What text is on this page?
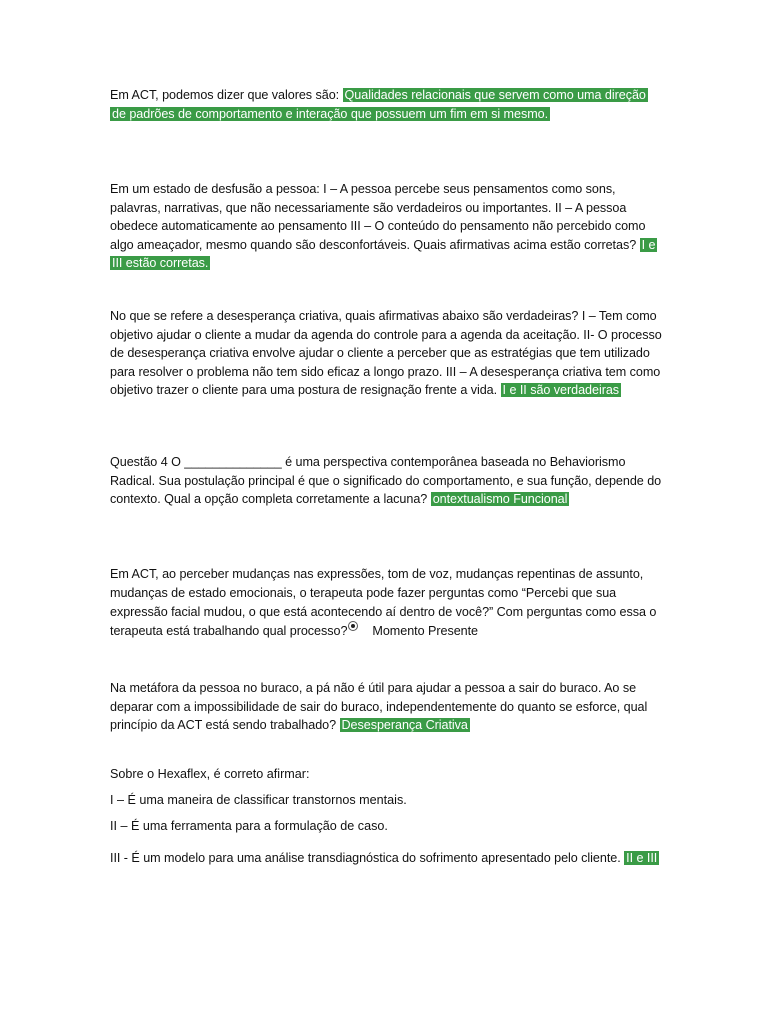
Em ACT, podemos dizer que valores são: Qualidades relacionais que servem como uma direção de padrões de comportamento e interação que possuem um fim em si mesmo.
Em um estado de desfusão a pessoa: I – A pessoa percebe seus pensamentos como sons, palavras, narrativas, que não necessariamente são verdadeiros ou importantes. II – A pessoa obedece automaticamente ao pensamento III – O conteúdo do pensamento não percebido como algo ameaçador, mesmo quando são desconfortáveis. Quais afirmativas acima estão corretas? I e III estão corretas.
No que se refere a desesperança criativa, quais afirmativas abaixo são verdadeiras? I – Tem como objetivo ajudar o cliente a mudar da agenda do controle para a agenda da aceitação. II- O processo de desesperança criativa envolve ajudar o cliente a perceber que as estratégias que tem utilizado para resolver o problema não tem sido eficaz a longo prazo. III – A desesperança criativa tem como objetivo trazer o cliente para uma postura de resignação frente a vida. I e II são verdadeiras
Questão 4 O ______________ é uma perspectiva contemporânea baseada no Behaviorismo Radical. Sua postulação principal é que o significado do comportamento, e sua função, depende do contexto. Qual a opção completa corretamente a lacuna? ontextualismo Funcional
Em ACT, ao perceber mudanças nas expressões, tom de voz, mudanças repentinas de assunto, mudanças de estado emocionais, o terapeuta pode fazer perguntas como “Percebi que sua expressão facial mudou, o que está acontecendo aí dentro de você?” Com perguntas como essa o terapeuta está trabalhando qual processo? Momento Presente
Na metáfora da pessoa no buraco, a pá não é útil para ajudar a pessoa a sair do buraco. Ao se deparar com a impossibilidade de sair do buraco, independentemente do quanto se esforce, qual princípio da ACT está sendo trabalhado? Desesperança Criativa
Sobre o Hexaflex, é correto afirmar:
I – É uma maneira de classificar transtornos mentais.
II – É uma ferramenta para a formulação de caso.
III - É um modelo para uma análise transdiagnóstica do sofrimento apresentado pelo cliente. II e III
